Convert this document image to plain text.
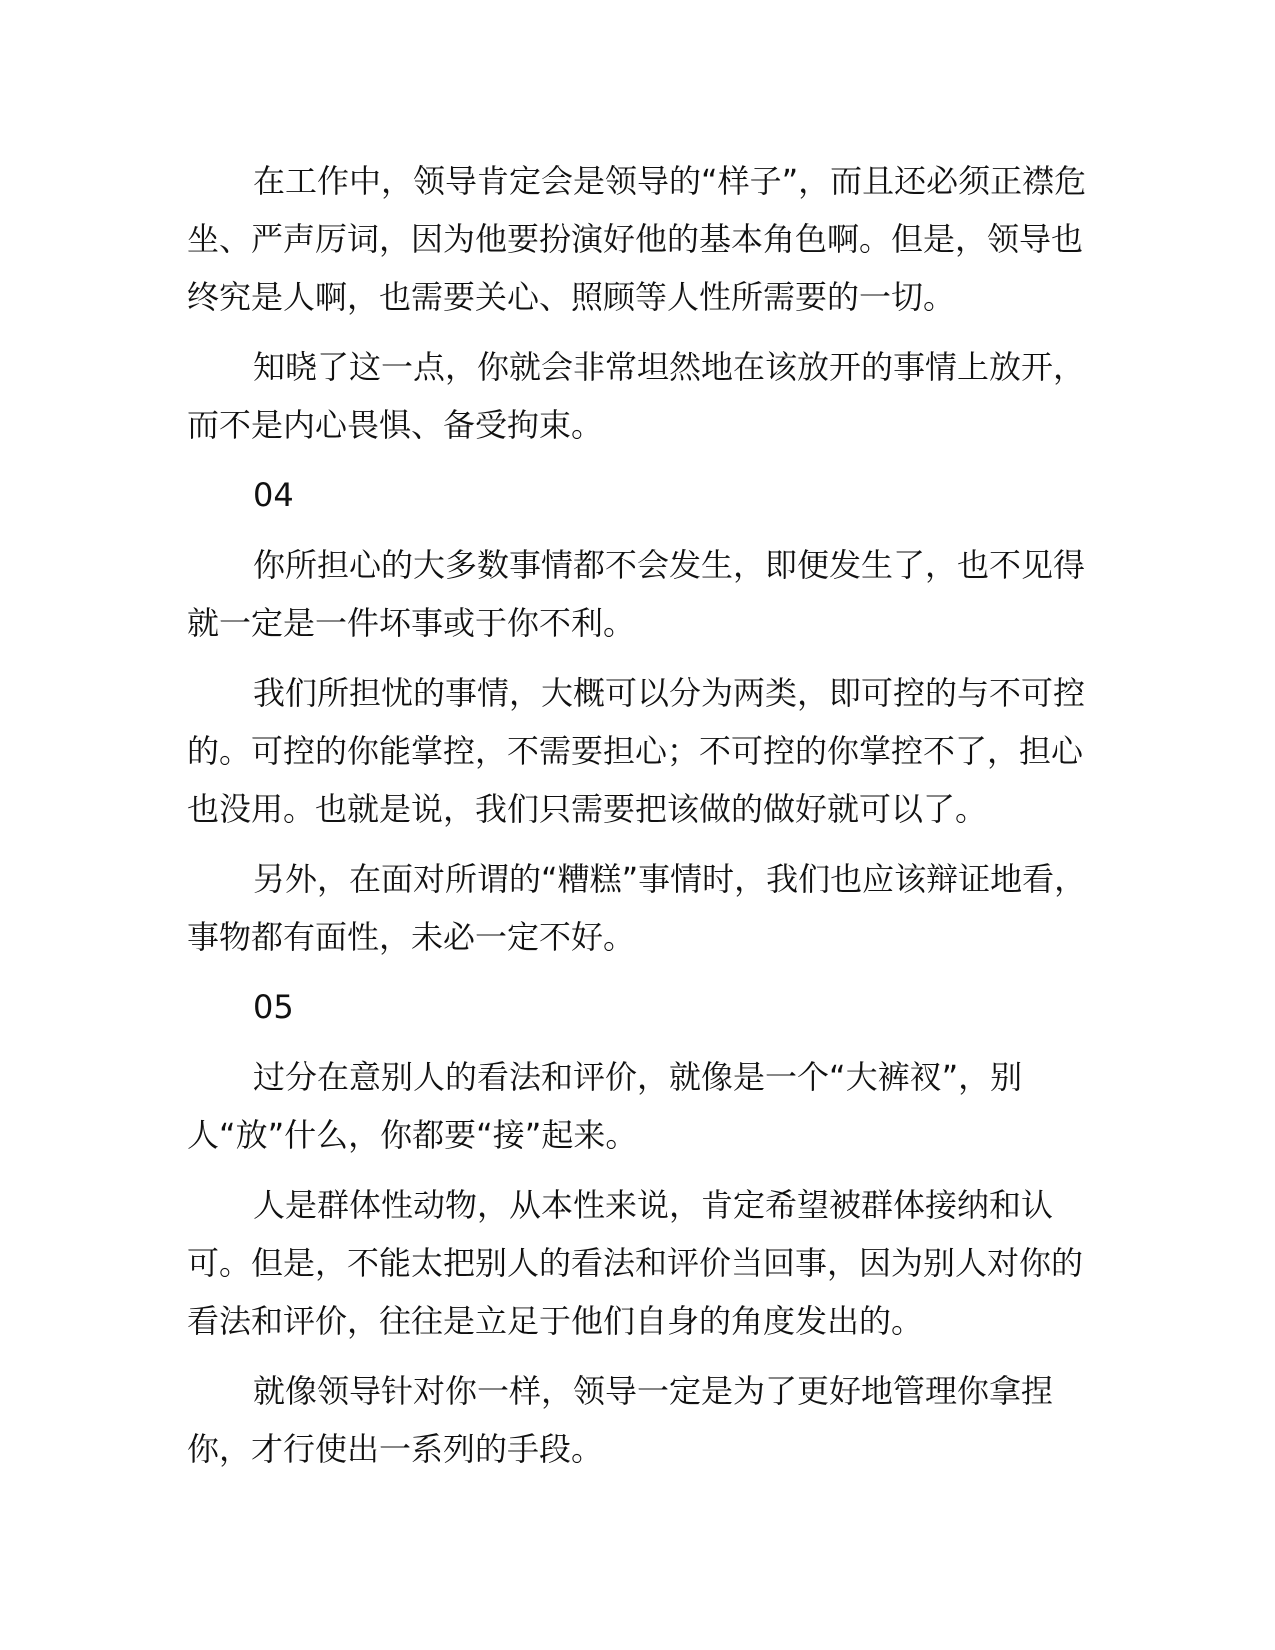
在工作中，领导肯定会是领导的“样子”，而且还必须正襟危坐、严声厉词，因为他要扮演好他的基本角色啊。但是，领导也终究是人啊，也需要关心、照顾等人性所需要的一切。

知晓了这一点，你就会非常坦然地在该放开的事情上放开，而不是内心畏惧、备受拘束。

04

你所担心的大多数事情都不会发生，即便发生了，也不见得就一定是一件坏事或于你不利。

我们所担忧的事情，大概可以分为两类，即可控的与不可控的。可控的你能掌控，不需要担心；不可控的你掌控不了，担心也没用。也就是说，我们只需要把该做的做好就可以了。

另外，在面对所谓的“糟糕”事情时，我们也应该辩证地看，事物都有面性，未必一定不好。

05

过分在意别人的看法和评价，就像是一个“大裤衩”，别人“放”什么，你都要“接”起来。

人是群体性动物，从本性来说，肯定希望被群体接纳和认可。但是，不能太把别人的看法和评价当回事，因为别人对你的看法和评价，往往是立足于他们自身的角度发出的。

就像领导针对你一样，领导一定是为了更好地管理你拿捏你，才行使出一系列的手段。
